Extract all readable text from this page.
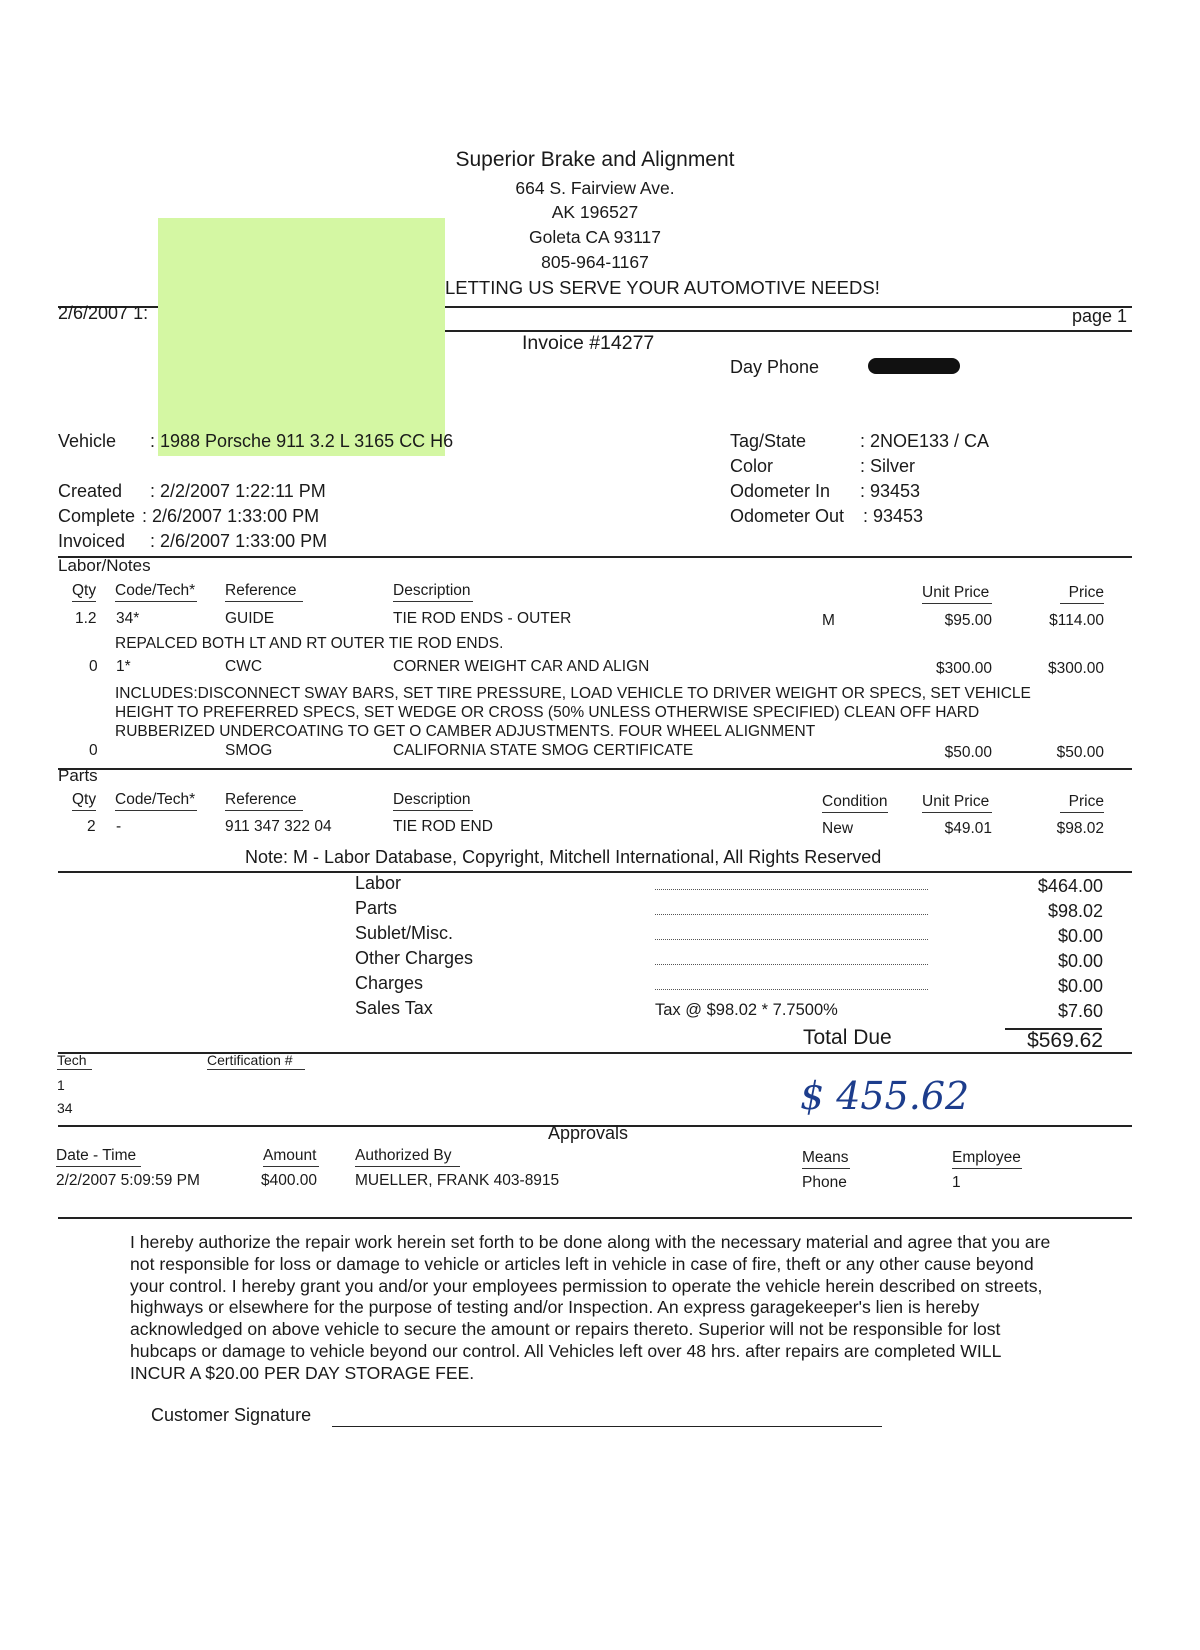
Superior Brake and Alignment
664 S. Fairview Ave.
AK 196527
Goleta CA 93117
805-964-1167
LETTING US SERVE YOUR AUTOMOTIVE NEEDS!
2/6/2007 1:	page 1
Invoice #14277
Day Phone
Vehicle : 1988 Porsche 911 3.2 L 3165 CC H6
Created : 2/2/2007 1:22:11 PM
Complete : 2/6/2007 1:33:00 PM
Invoiced : 2/6/2007 1:33:00 PM
Tag/State	: 2NOE133 / CA
Color	: Silver
Odometer In : 93453
Odometer Out : 93453
Labor/Notes
Qty Code/Tech* Reference	Description	Unit Price	Price
1.2 34*	GUIDE	TIE ROD ENDS - OUTER	M	$95.00	$114.00
REPALCED BOTH LT AND RT OUTER TIE ROD ENDS.
0 1*	CWC	CORNER WEIGHT CAR AND ALIGN	$300.00	$300.00
INCLUDES:DISCONNECT SWAY BARS, SET TIRE PRESSURE, LOAD VEHICLE TO DRIVER WEIGHT OR SPECS, SET VEHICLE
HEIGHT TO PREFERRED SPECS, SET WEDGE OR CROSS (50% UNLESS OTHERWISE SPECIFIED) CLEAN OFF HARD
RUBBERIZED UNDERCOATING TO GET O CAMBER ADJUSTMENTS. FOUR WHEEL ALIGNMENT
0	SMOG	CALIFORNIA STATE SMOG CERTIFICATE	$50.00	$50.00
Parts
Qty Code/Tech* Reference	Description	Condition Unit Price	Price
2 -	911 347 322 04	TIE ROD END	New	$49.01	$98.02
Note: M - Labor Database, Copyright, Mitchell International, All Rights Reserved
Labor	$464.00
Parts	$98.02
Sublet/Misc.	$0.00
Other Charges	$0.00
Charges	$0.00
Sales Tax	Tax @ $98.02 * 7.7500%	$7.60
Total Due	$569.62
Tech	Certification #
1
34	$ 455.62
Approvals
Date - Time	Amount Authorized By	Means	Employee
2/2/2007 5:09:59 PM	$400.00 MUELLER, FRANK 403-8915	Phone	1
I hereby authorize the repair work herein set forth to be done along with the necessary material and agree that you are not responsible for loss or damage to vehicle or articles left in vehicle in case of fire, theft or any other cause beyond your control. I hereby grant you and/or your employees permission to operate the vehicle herein described on streets, highways or elsewhere for the purpose of testing and/or Inspection. An express garagekeeper's lien is hereby acknowledged on above vehicle to secure the amount or repairs thereto. Superior will not be responsible for lost hubcaps or damage to vehicle beyond our control. All Vehicles left over 48 hrs. after repairs are completed WILL INCUR A $20.00 PER DAY STORAGE FEE.
Customer Signature
